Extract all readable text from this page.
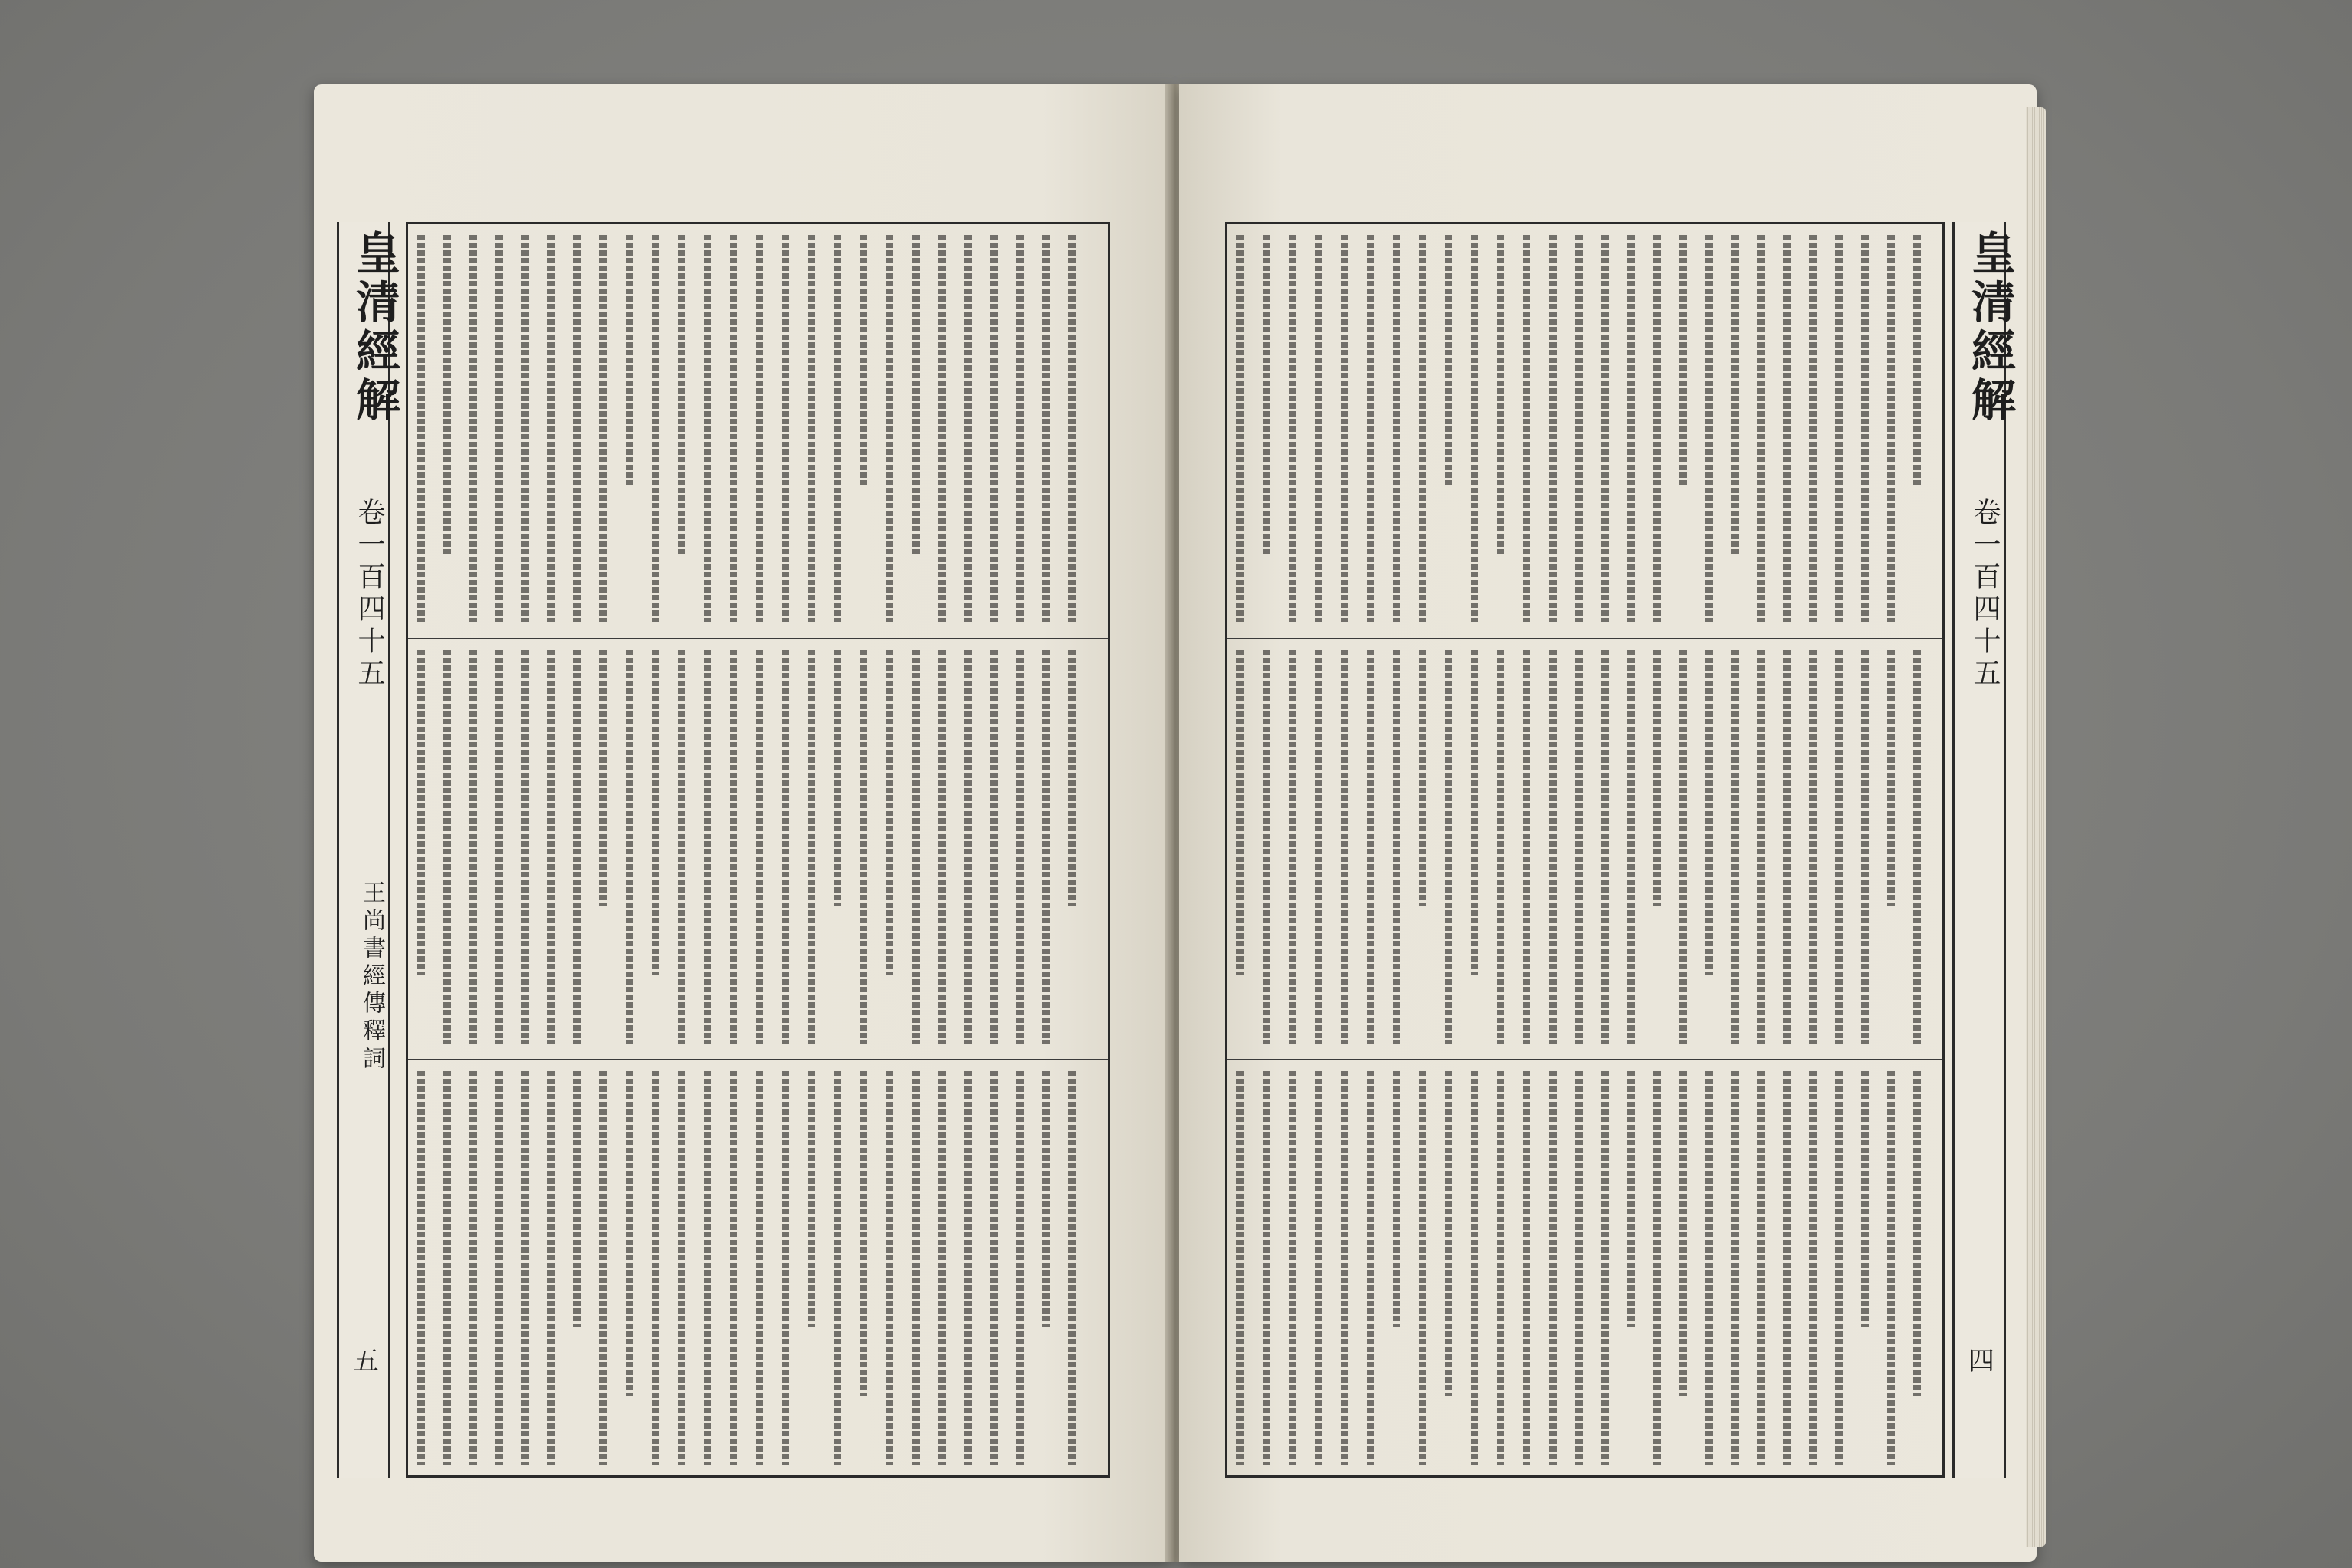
皇清經解
卷一百四十五
王尚書經傳釋詞
五
皇清經解
卷一百四十五
四
